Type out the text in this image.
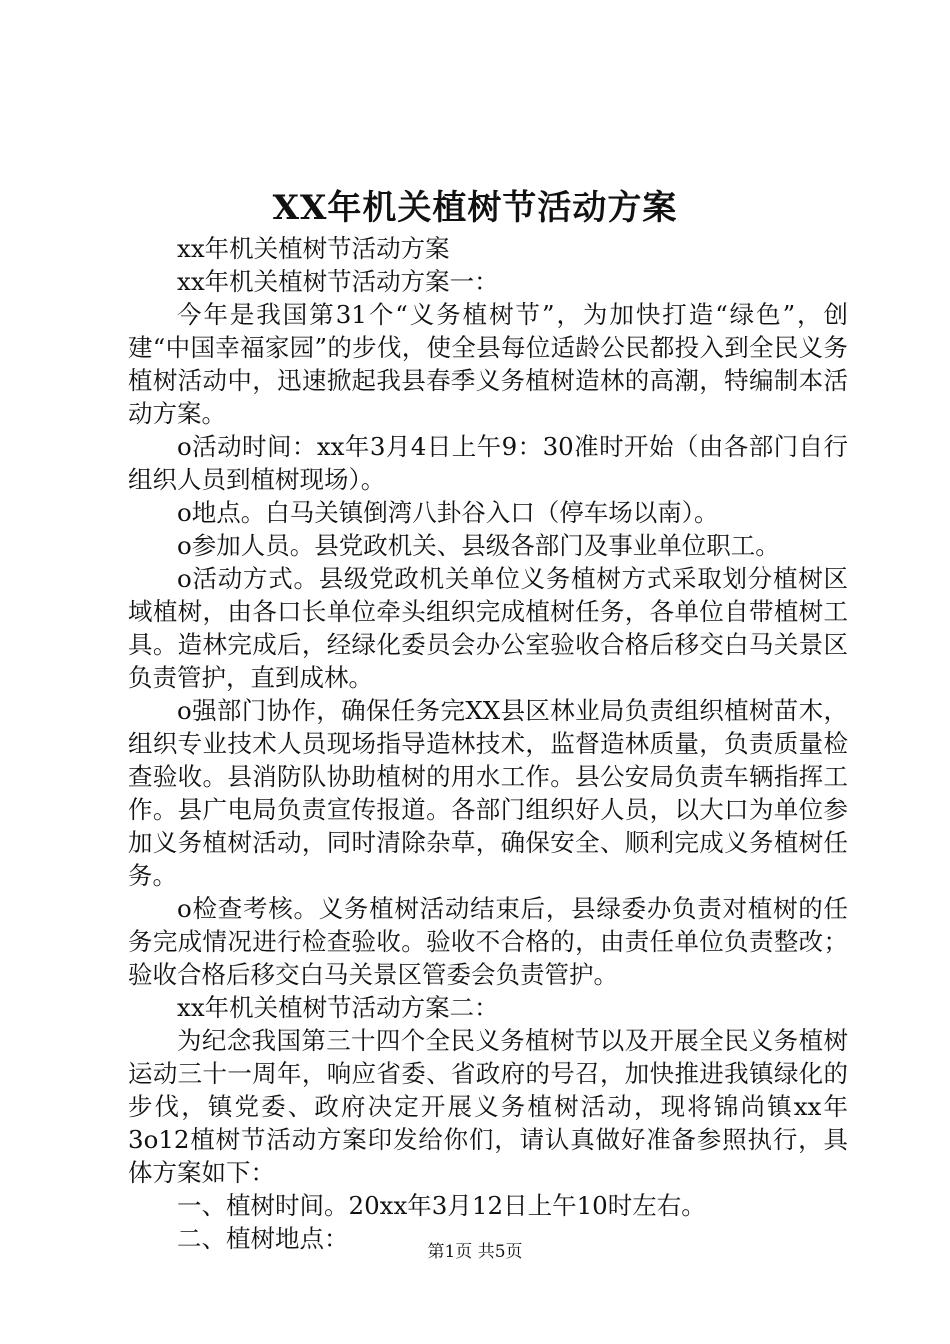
XX年机关植树节活动方案

xx年机关植树节活动方案

xx年机关植树节活动方案一：

今年是我国第31个“义务植树节”，为加快打造“绿色”，创建“中国幸福家园”的步伐，使全县每位适龄公民都投入到全民义务植树活动中，迅速掀起我县春季义务植树造林的高潮，特编制本活动方案。

o活动时间：xx年3月4日上午9：30准时开始（由各部门自行组织人员到植树现场）。

o地点。白马关镇倒湾八卦谷入口（停车场以南）。

o参加人员。县党政机关、县级各部门及事业单位职工。

o活动方式。县级党政机关单位义务植树方式采取划分植树区域植树，由各口长单位牵头组织完成植树任务，各单位自带植树工具。造林完成后，经绿化委员会办公室验收合格后移交白马关景区负责管护，直到成林。

o强部门协作，确保任务完XX县区林业局负责组织植树苗木，组织专业技术人员现场指导造林技术，监督造林质量，负责质量检查验收。县消防队协助植树的用水工作。县公安局负责车辆指挥工作。县广电局负责宣传报道。各部门组织好人员，以大口为单位参加义务植树活动，同时清除杂草，确保安全、顺利完成义务植树任务。

o检查考核。义务植树活动结束后，县绿委办负责对植树的任务完成情况进行检查验收。验收不合格的，由责任单位负责整改；验收合格后移交白马关景区管委会负责管护。

xx年机关植树节活动方案二：

为纪念我国第三十四个全民义务植树节以及开展全民义务植树运动三十一周年，响应省委、省政府的号召，加快推进我镇绿化的步伐，镇党委、政府决定开展义务植树活动，现将锦尚镇xx年3o12植树节活动方案印发给你们，请认真做好准备参照执行，具体方案如下：

一、植树时间。20xx年3月12日上午10时左右。

二、植树地点：	第1页 共5页
